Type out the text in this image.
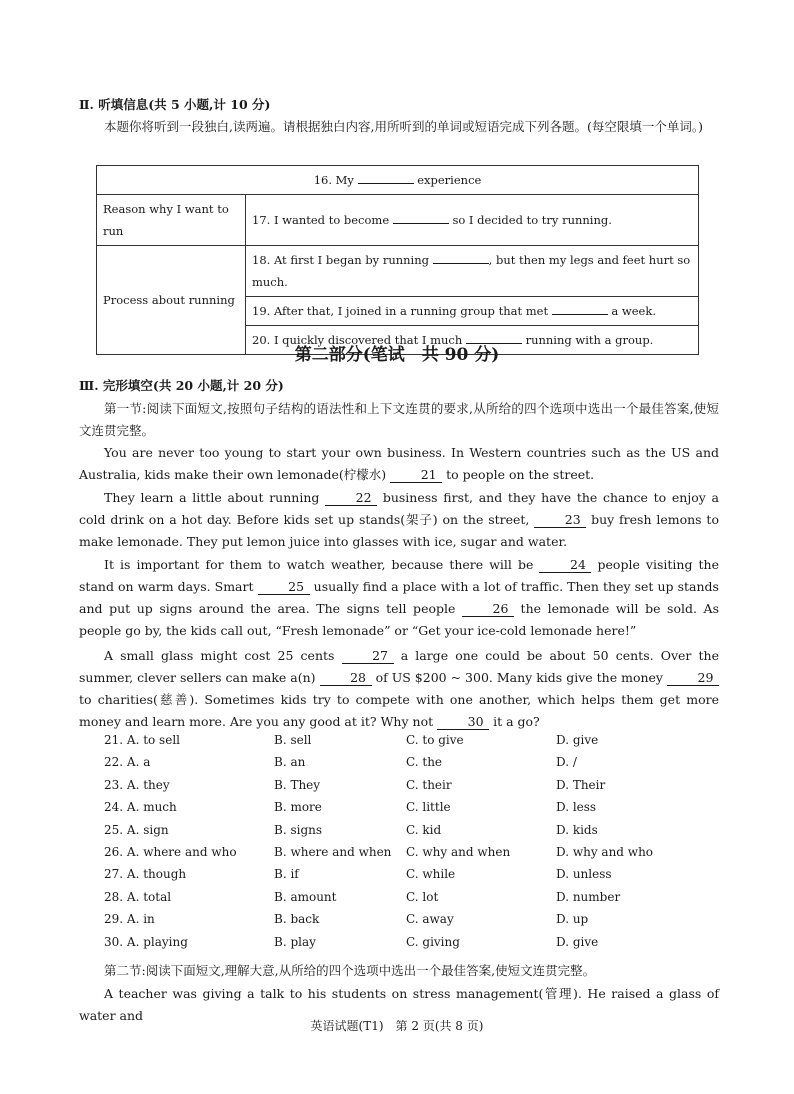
Ⅱ. 听填信息(共 5 小题,计 10 分)
本题你将听到一段独白,读两遍。请根据独白内容,用所听到的单词或短语完成下列各题。(每空限填一个单词。)
16. My experience	
Reason why I want to run	17. I wanted to become so I decided to try running.
Process about running	18. At first I began by running , but then my legs and feet hurt so much.
	19. After that, I joined in a running group that met a week.
	20. I quickly discovered that I much running with a group.
第二部分(笔试　共 90 分)
Ⅲ. 完形填空(共 20 小题,计 20 分)
第一节:阅读下面短文,按照句子结构的语法性和上下文连贯的要求,从所给的四个选项中选出一个最佳答案,使短文连贯完整。
You are never too young to start your own business. In Western countries such as the US and Australia, kids make their own lemonade(柠檬水)	21 to people on the street.
They learn a little about running	22 business first, and they have the chance to enjoy a cold drink on a hot day. Before kids set up stands(架子) on the street,	23 buy fresh lemons to make lemonade. They put lemon juice into glasses with ice, sugar and water.
It is important for them to watch weather, because there will be	24 people visiting the stand on warm days. Smart	25 usually find a place with a lot of traffic. Then they set up stands and put up signs around the area. The signs tell people	26 the lemonade will be sold. As people go by, the kids call out, “Fresh lemonade” or “Get your ice-cold lemonade here!”
A small glass might cost 25 cents	27 a large one could be about 50 cents. Over the summer, clever sellers can make a(n)	28 of US $200 ~ 300. Many kids give the money	29 to charities(慈善). Sometimes kids try to compete with one another, which helps them get more money and learn more. Are you any good at it? Why not	30 it a go?
21. A. to sell	B. sell	C. to give	D. give
22. A. a	B. an	C. the	D. /
23. A. they	B. They	C. their	D. Their
24. A. much	B. more	C. little	D. less
25. A. sign	B. signs	C. kid	D. kids
26. A. where and who	B. where and when	C. why and when	D. why and who
27. A. though	B. if	C. while	D. unless
28. A. total	B. amount	C. lot	D. number
29. A. in	B. back	C. away	D. up
30. A. playing	B. play	C. giving	D. give
第二节:阅读下面短文,理解大意,从所给的四个选项中选出一个最佳答案,使短文连贯完整。
A teacher was giving a talk to his students on stress management(管理). He raised a glass of water and
英语试题(T1)　第 2 页(共 8 页)
